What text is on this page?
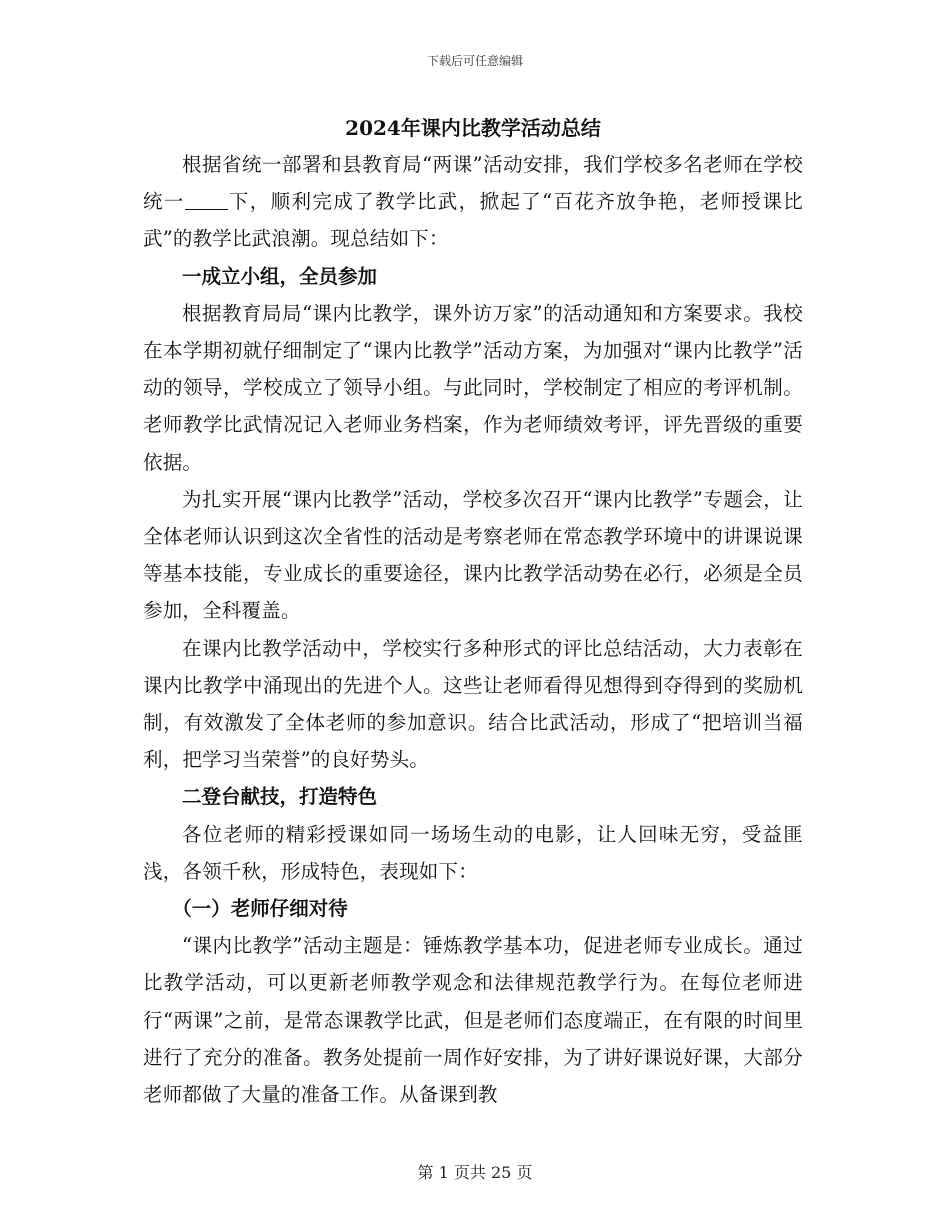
下载后可任意编辑
2024年课内比教学活动总结

根据省统一部署和县教育局“两课”活动安排，我们学校多名老师在学校统一 下，顺利完成了教学比武，掀起了“百花齐放争艳，老师授课比武”的教学比武浪潮。现总结如下：

一成立小组，全员参加

根据教育局局“课内比教学，课外访万家”的活动通知和方案要求。我校在本学期初就仔细制定了“课内比教学”活动方案，为加强对“课内比教学”活动的领导，学校成立了领导小组。与此同时，学校制定了相应的考评机制。老师教学比武情况记入老师业务档案，作为老师绩效考评，评先晋级的重要依据。

为扎实开展“课内比教学”活动，学校多次召开“课内比教学”专题会，让全体老师认识到这次全省性的活动是考察老师在常态教学环境中的讲课说课等基本技能，专业成长的重要途径，课内比教学活动势在必行，必须是全员参加，全科覆盖。

在课内比教学活动中，学校实行多种形式的评比总结活动，大力表彰在课内比教学中涌现出的先进个人。这些让老师看得见想得到夺得到的奖励机制，有效激发了全体老师的参加意识。结合比武活动，形成了“把培训当福利，把学习当荣誉”的良好势头。

二登台献技，打造特色

各位老师的精彩授课如同一场场生动的电影，让人回味无穷，受益匪浅，各领千秋，形成特色，表现如下：

（一）老师仔细对待

“课内比教学”活动主题是：锤炼教学基本功，促进老师专业成长。通过比教学活动，可以更新老师教学观念和法律规范教学行为。在每位老师进行“两课”之前，是常态课教学比武，但是老师们态度端正，在有限的时间里进行了充分的准备。教务处提前一周作好安排，为了讲好课说好课，大部分老师都做了大量的准备工作。从备课到教

第 1 页共 25 页
